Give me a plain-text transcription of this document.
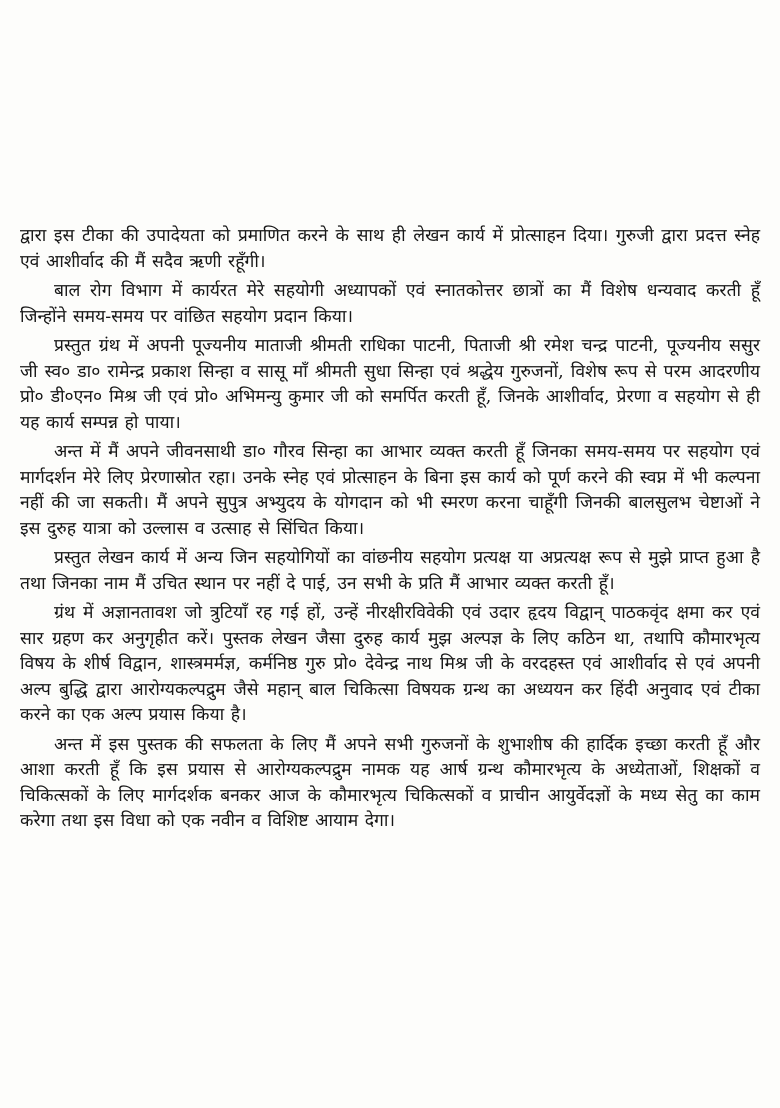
द्वारा इस टीका की उपादेयता को प्रमाणित करने के साथ ही लेखन कार्य में प्रोत्साहन दिया। गुरुजी द्वारा प्रदत्त स्नेह एवं आशीर्वाद की मैं सदैव ऋणी रहूँगी।

बाल रोग विभाग में कार्यरत मेरे सहयोगी अध्यापकों एवं स्नातकोत्तर छात्रों का मैं विशेष धन्यवाद करती हूँ जिन्होंने समय-समय पर वांछित सहयोग प्रदान किया।

प्रस्तुत ग्रंथ में अपनी पूज्यनीय माताजी श्रीमती राधिका पाटनी, पिताजी श्री रमेश चन्द्र पाटनी, पूज्यनीय ससुर जी स्व० डा० रामेन्द्र प्रकाश सिन्हा व सासू माँ श्रीमती सुधा सिन्हा एवं श्रद्धेय गुरुजनों, विशेष रूप से परम आदरणीय प्रो० डी०एन० मिश्र जी एवं प्रो० अभिमन्यु कुमार जी को समर्पित करती हूँ, जिनके आशीर्वाद, प्रेरणा व सहयोग से ही यह कार्य सम्पन्न हो पाया।

अन्त में मैं अपने जीवनसाथी डा० गौरव सिन्हा का आभार व्यक्त करती हूँ जिनका समय-समय पर सहयोग एवं मार्गदर्शन मेरे लिए प्रेरणास्रोत रहा। उनके स्नेह एवं प्रोत्साहन के बिना इस कार्य को पूर्ण करने की स्वप्न में भी कल्पना नहीं की जा सकती। मैं अपने सुपुत्र अभ्युदय के योगदान को भी स्मरण करना चाहूँगी जिनकी बालसुलभ चेष्टाओं ने इस दुरुह यात्रा को उल्लास व उत्साह से सिंचित किया।

प्रस्तुत लेखन कार्य में अन्य जिन सहयोगियों का वांछनीय सहयोग प्रत्यक्ष या अप्रत्यक्ष रूप से मुझे प्राप्त हुआ है तथा जिनका नाम मैं उचित स्थान पर नहीं दे पाई, उन सभी के प्रति मैं आभार व्यक्त करती हूँ।

ग्रंथ में अज्ञानतावश जो त्रुटियाँ रह गई हों, उन्हें नीरक्षीरविवेकी एवं उदार हृदय विद्वान् पाठकवृंद क्षमा कर एवं सार ग्रहण कर अनुगृहीत करें। पुस्तक लेखन जैसा दुरुह कार्य मुझ अल्पज्ञ के लिए कठिन था, तथापि कौमारभृत्य विषय के शीर्ष विद्वान, शास्त्रमर्मज्ञ, कर्मनिष्ठ गुरु प्रो० देवेन्द्र नाथ मिश्र जी के वरदहस्त एवं आशीर्वाद से एवं अपनी अल्प बुद्धि द्वारा आरोग्यकल्पद्रुम जैसे महान् बाल चिकित्सा विषयक ग्रन्थ का अध्ययन कर हिंदी अनुवाद एवं टीका करने का एक अल्प प्रयास किया है।

अन्त में इस पुस्तक की सफलता के लिए मैं अपने सभी गुरुजनों के शुभाशीष की हार्दिक इच्छा करती हूँ और आशा करती हूँ कि इस प्रयास से आरोग्यकल्पद्रुम नामक यह आर्ष ग्रन्थ कौमारभृत्य के अध्येताओं, शिक्षकों व चिकित्सकों के लिए मार्गदर्शक बनकर आज के कौमारभृत्य चिकित्सकों व प्राचीन आयुर्वेदज्ञों के मध्य सेतु का काम करेगा तथा इस विधा को एक नवीन व विशिष्ट आयाम देगा।
